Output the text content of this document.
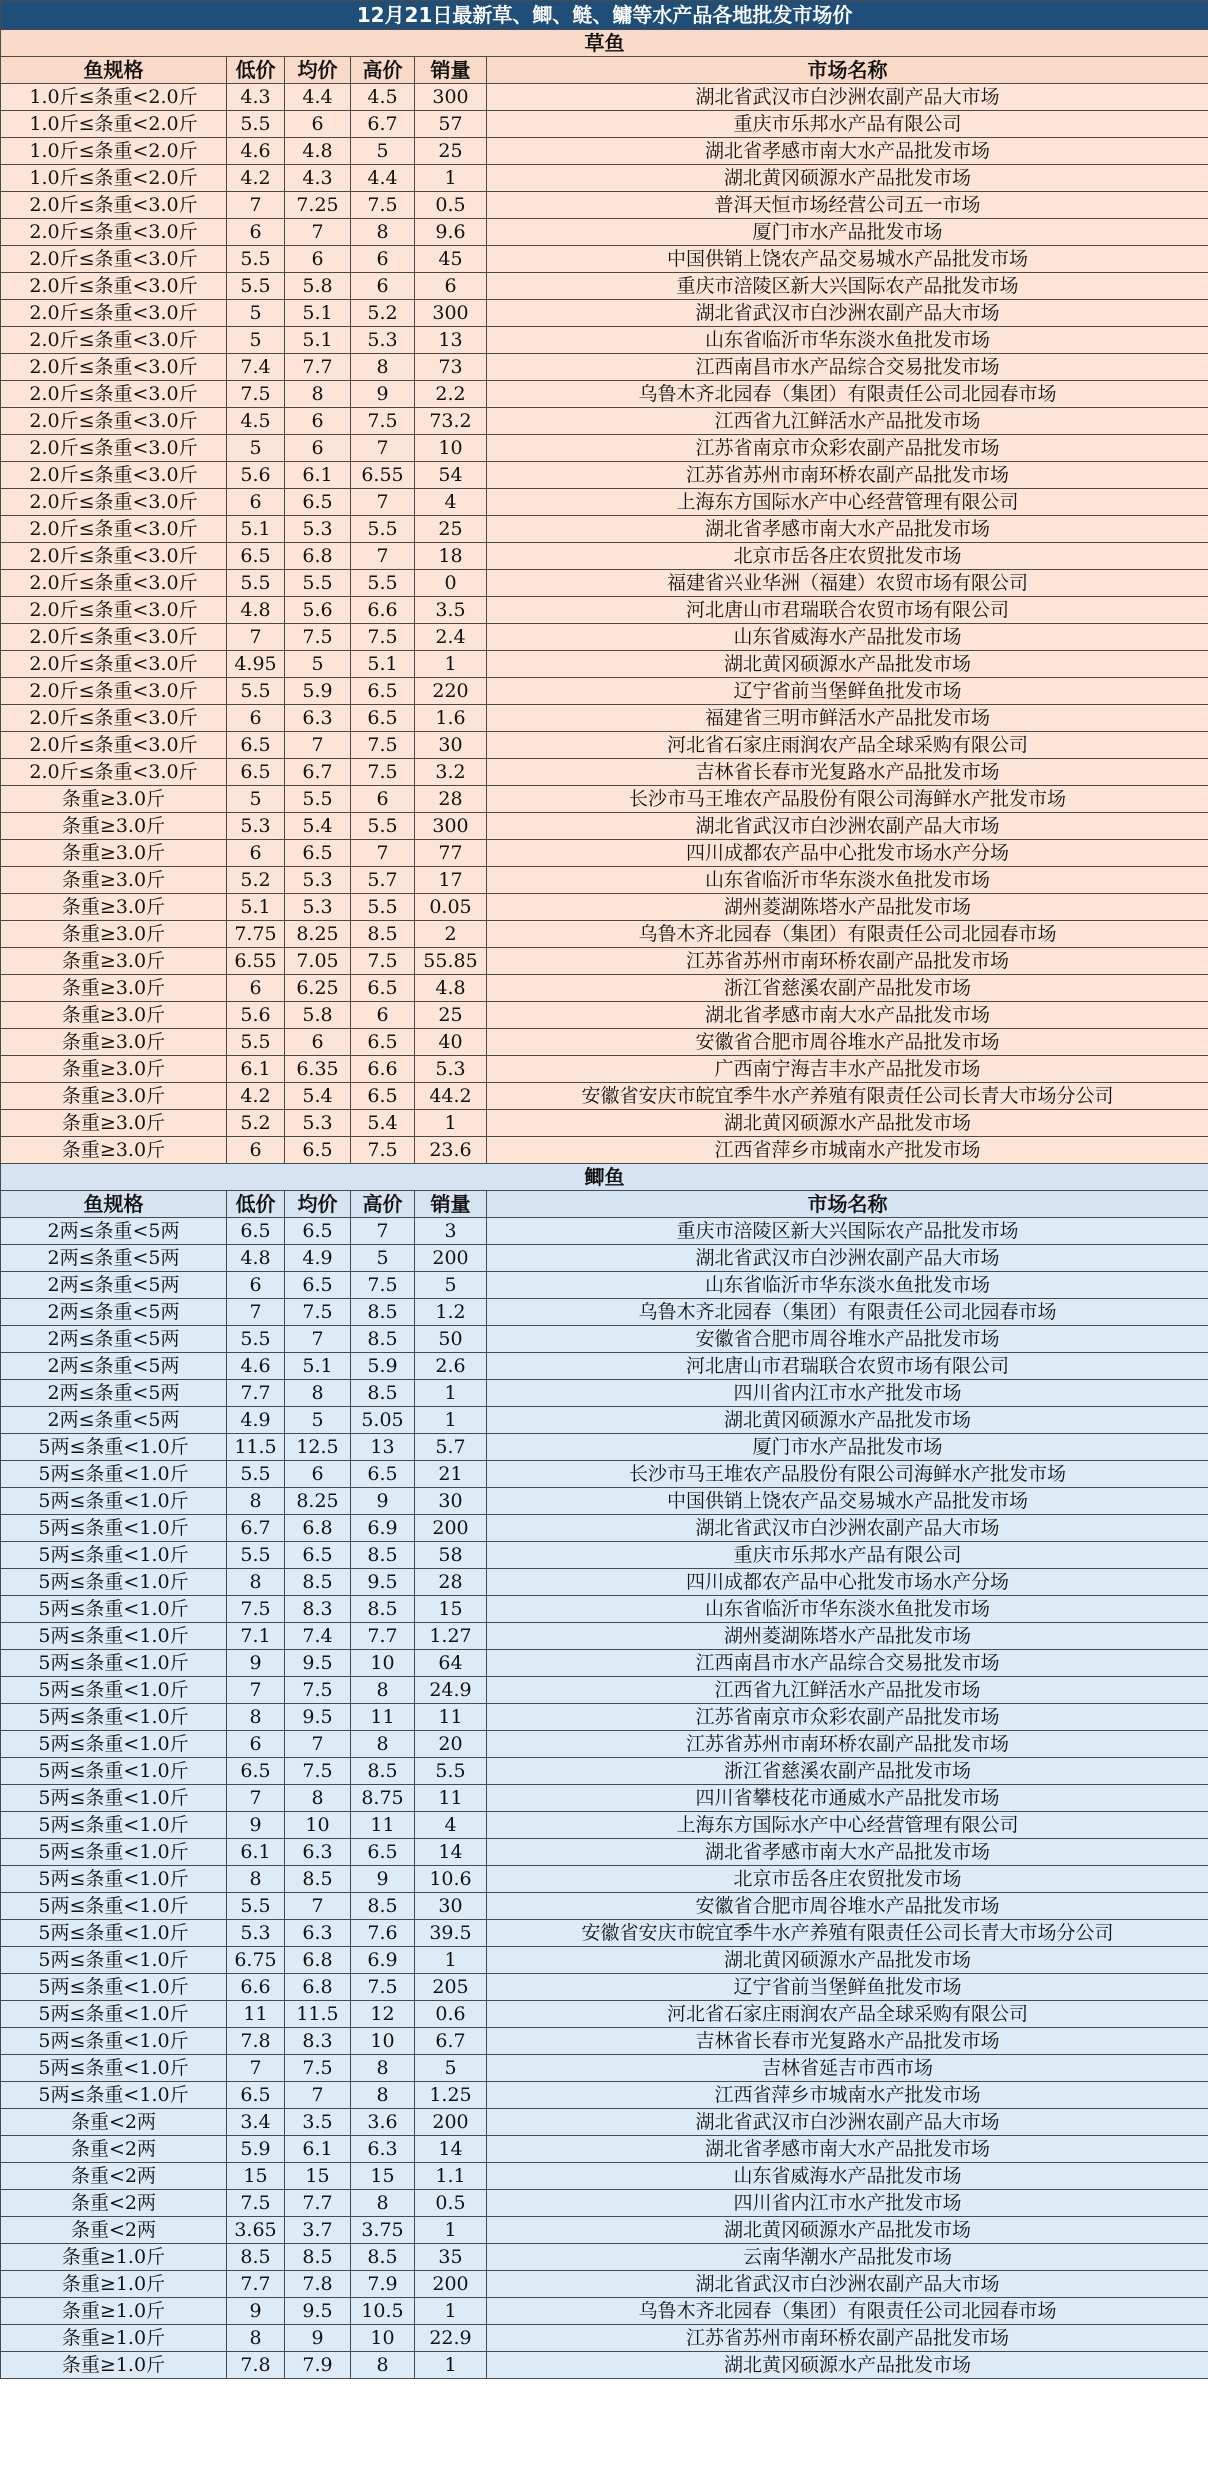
12月21日最新草、鲫、鲢、鳙等水产品各地批发市场价					
草鱼					
鱼规格	低价	均价	高价	销量	市场名称
1.0斤≤条重<2.0斤	4.3	4.4	4.5	300	湖北省武汉市白沙洲农副产品大市场
1.0斤≤条重<2.0斤	5.5	6	6.7	57	重庆市乐邦水产品有限公司
1.0斤≤条重<2.0斤	4.6	4.8	5	25	湖北省孝感市南大水产品批发市场
1.0斤≤条重<2.0斤	4.2	4.3	4.4	1	湖北黄冈硕源水产品批发市场
2.0斤≤条重<3.0斤	7	7.25	7.5	0.5	普洱天恒市场经营公司五一市场
2.0斤≤条重<3.0斤	6	7	8	9.6	厦门市水产品批发市场
2.0斤≤条重<3.0斤	5.5	6	6	45	中国供销上饶农产品交易城水产品批发市场
2.0斤≤条重<3.0斤	5.5	5.8	6	6	重庆市涪陵区新大兴国际农产品批发市场
2.0斤≤条重<3.0斤	5	5.1	5.2	300	湖北省武汉市白沙洲农副产品大市场
2.0斤≤条重<3.0斤	5	5.1	5.3	13	山东省临沂市华东淡水鱼批发市场
2.0斤≤条重<3.0斤	7.4	7.7	8	73	江西南昌市水产品综合交易批发市场
2.0斤≤条重<3.0斤	7.5	8	9	2.2	乌鲁木齐北园春（集团）有限责任公司北园春市场
2.0斤≤条重<3.0斤	4.5	6	7.5	73.2	江西省九江鲜活水产品批发市场
2.0斤≤条重<3.0斤	5	6	7	10	江苏省南京市众彩农副产品批发市场
2.0斤≤条重<3.0斤	5.6	6.1	6.55	54	江苏省苏州市南环桥农副产品批发市场
2.0斤≤条重<3.0斤	6	6.5	7	4	上海东方国际水产中心经营管理有限公司
2.0斤≤条重<3.0斤	5.1	5.3	5.5	25	湖北省孝感市南大水产品批发市场
2.0斤≤条重<3.0斤	6.5	6.8	7	18	北京市岳各庄农贸批发市场
2.0斤≤条重<3.0斤	5.5	5.5	5.5	0	福建省兴业华洲（福建）农贸市场有限公司
2.0斤≤条重<3.0斤	4.8	5.6	6.6	3.5	河北唐山市君瑞联合农贸市场有限公司
2.0斤≤条重<3.0斤	7	7.5	7.5	2.4	山东省威海水产品批发市场
2.0斤≤条重<3.0斤	4.95	5	5.1	1	湖北黄冈硕源水产品批发市场
2.0斤≤条重<3.0斤	5.5	5.9	6.5	220	辽宁省前当堡鲜鱼批发市场
2.0斤≤条重<3.0斤	6	6.3	6.5	1.6	福建省三明市鲜活水产品批发市场
2.0斤≤条重<3.0斤	6.5	7	7.5	30	河北省石家庄雨润农产品全球采购有限公司
2.0斤≤条重<3.0斤	6.5	6.7	7.5	3.2	吉林省长春市光复路水产品批发市场
条重≥3.0斤	5	5.5	6	28	长沙市马王堆农产品股份有限公司海鲜水产批发市场
条重≥3.0斤	5.3	5.4	5.5	300	湖北省武汉市白沙洲农副产品大市场
条重≥3.0斤	6	6.5	7	77	四川成都农产品中心批发市场水产分场
条重≥3.0斤	5.2	5.3	5.7	17	山东省临沂市华东淡水鱼批发市场
条重≥3.0斤	5.1	5.3	5.5	0.05	湖州菱湖陈塔水产品批发市场
条重≥3.0斤	7.75	8.25	8.5	2	乌鲁木齐北园春（集团）有限责任公司北园春市场
条重≥3.0斤	6.55	7.05	7.5	55.85	江苏省苏州市南环桥农副产品批发市场
条重≥3.0斤	6	6.25	6.5	4.8	浙江省慈溪农副产品批发市场
条重≥3.0斤	5.6	5.8	6	25	湖北省孝感市南大水产品批发市场
条重≥3.0斤	5.5	6	6.5	40	安徽省合肥市周谷堆水产品批发市场
条重≥3.0斤	6.1	6.35	6.6	5.3	广西南宁海吉丰水产品批发市场
条重≥3.0斤	4.2	5.4	6.5	44.2	安徽省安庆市皖宜季牛水产养殖有限责任公司长青大市场分公司
条重≥3.0斤	5.2	5.3	5.4	1	湖北黄冈硕源水产品批发市场
条重≥3.0斤	6	6.5	7.5	23.6	江西省萍乡市城南水产批发市场
鲫鱼					
鱼规格	低价	均价	高价	销量	市场名称
2两≤条重<5两	6.5	6.5	7	3	重庆市涪陵区新大兴国际农产品批发市场
2两≤条重<5两	4.8	4.9	5	200	湖北省武汉市白沙洲农副产品大市场
2两≤条重<5两	6	6.5	7.5	5	山东省临沂市华东淡水鱼批发市场
2两≤条重<5两	7	7.5	8.5	1.2	乌鲁木齐北园春（集团）有限责任公司北园春市场
2两≤条重<5两	5.5	7	8.5	50	安徽省合肥市周谷堆水产品批发市场
2两≤条重<5两	4.6	5.1	5.9	2.6	河北唐山市君瑞联合农贸市场有限公司
2两≤条重<5两	7.7	8	8.5	1	四川省内江市水产批发市场
2两≤条重<5两	4.9	5	5.05	1	湖北黄冈硕源水产品批发市场
5两≤条重<1.0斤	11.5	12.5	13	5.7	厦门市水产品批发市场
5两≤条重<1.0斤	5.5	6	6.5	21	长沙市马王堆农产品股份有限公司海鲜水产批发市场
5两≤条重<1.0斤	8	8.25	9	30	中国供销上饶农产品交易城水产品批发市场
5两≤条重<1.0斤	6.7	6.8	6.9	200	湖北省武汉市白沙洲农副产品大市场
5两≤条重<1.0斤	5.5	6.5	8.5	58	重庆市乐邦水产品有限公司
5两≤条重<1.0斤	8	8.5	9.5	28	四川成都农产品中心批发市场水产分场
5两≤条重<1.0斤	7.5	8.3	8.5	15	山东省临沂市华东淡水鱼批发市场
5两≤条重<1.0斤	7.1	7.4	7.7	1.27	湖州菱湖陈塔水产品批发市场
5两≤条重<1.0斤	9	9.5	10	64	江西南昌市水产品综合交易批发市场
5两≤条重<1.0斤	7	7.5	8	24.9	江西省九江鲜活水产品批发市场
5两≤条重<1.0斤	8	9.5	11	11	江苏省南京市众彩农副产品批发市场
5两≤条重<1.0斤	6	7	8	20	江苏省苏州市南环桥农副产品批发市场
5两≤条重<1.0斤	6.5	7.5	8.5	5.5	浙江省慈溪农副产品批发市场
5两≤条重<1.0斤	7	8	8.75	11	四川省攀枝花市通威水产品批发市场
5两≤条重<1.0斤	9	10	11	4	上海东方国际水产中心经营管理有限公司
5两≤条重<1.0斤	6.1	6.3	6.5	14	湖北省孝感市南大水产品批发市场
5两≤条重<1.0斤	8	8.5	9	10.6	北京市岳各庄农贸批发市场
5两≤条重<1.0斤	5.5	7	8.5	30	安徽省合肥市周谷堆水产品批发市场
5两≤条重<1.0斤	5.3	6.3	7.6	39.5	安徽省安庆市皖宜季牛水产养殖有限责任公司长青大市场分公司
5两≤条重<1.0斤	6.75	6.8	6.9	1	湖北黄冈硕源水产品批发市场
5两≤条重<1.0斤	6.6	6.8	7.5	205	辽宁省前当堡鲜鱼批发市场
5两≤条重<1.0斤	11	11.5	12	0.6	河北省石家庄雨润农产品全球采购有限公司
5两≤条重<1.0斤	7.8	8.3	10	6.7	吉林省长春市光复路水产品批发市场
5两≤条重<1.0斤	7	7.5	8	5	吉林省延吉市西市场
5两≤条重<1.0斤	6.5	7	8	1.25	江西省萍乡市城南水产批发市场
条重<2两	3.4	3.5	3.6	200	湖北省武汉市白沙洲农副产品大市场
条重<2两	5.9	6.1	6.3	14	湖北省孝感市南大水产品批发市场
条重<2两	15	15	15	1.1	山东省威海水产品批发市场
条重<2两	7.5	7.7	8	0.5	四川省内江市水产批发市场
条重<2两	3.65	3.7	3.75	1	湖北黄冈硕源水产品批发市场
条重≥1.0斤	8.5	8.5	8.5	35	云南华潮水产品批发市场
条重≥1.0斤	7.7	7.8	7.9	200	湖北省武汉市白沙洲农副产品大市场
条重≥1.0斤	9	9.5	10.5	1	乌鲁木齐北园春（集团）有限责任公司北园春市场
条重≥1.0斤	8	9	10	22.9	江苏省苏州市南环桥农副产品批发市场
条重≥1.0斤	7.8	7.9	8	1	湖北黄冈硕源水产品批发市场
